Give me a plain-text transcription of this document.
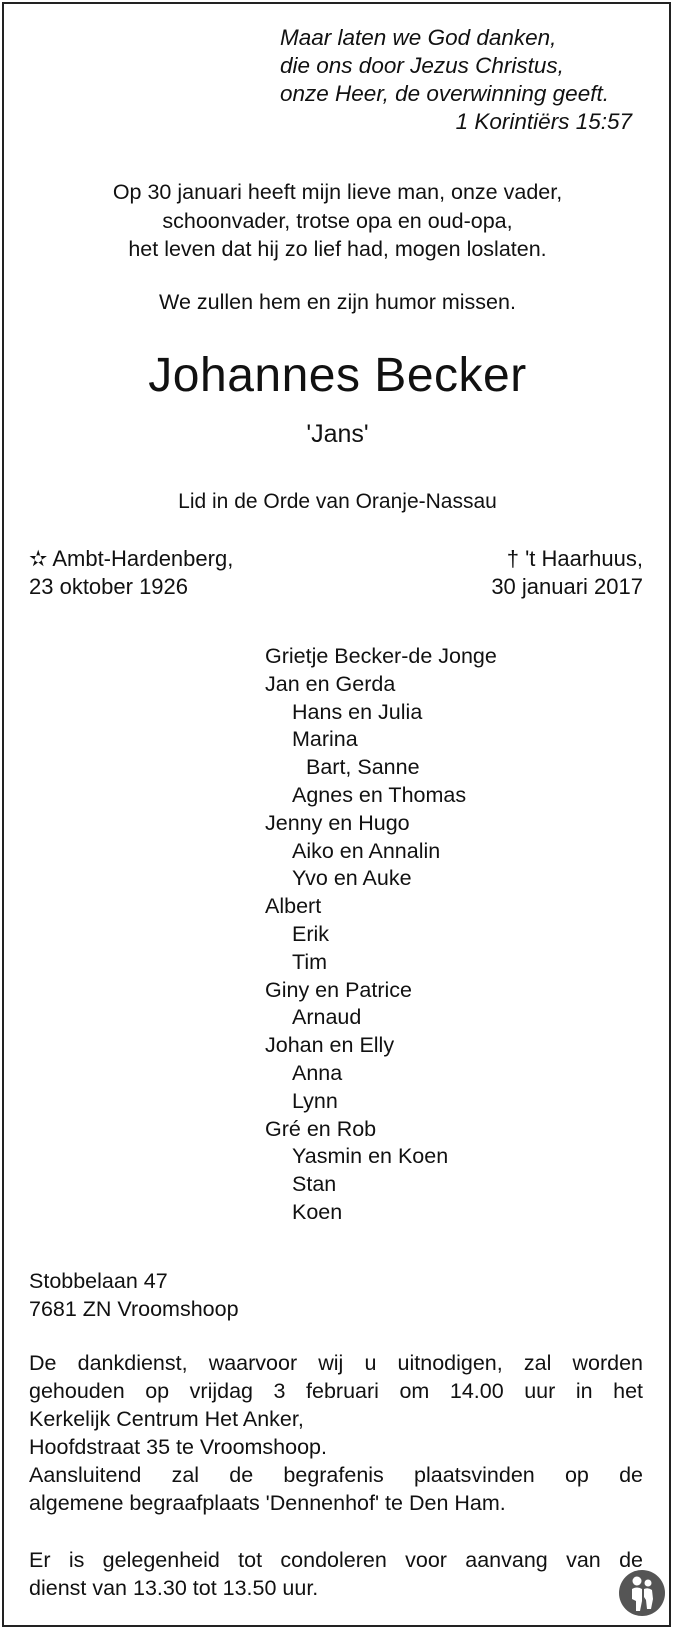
Maar laten we God danken,
die ons door Jezus Christus,
onze Heer, de overwinning geeft.
1 Korintiërs 15:57
Op 30 januari heeft mijn lieve man, onze vader,
schoonvader, trotse opa en oud-opa,
het leven dat hij zo lief had, mogen loslaten.
We zullen hem en zijn humor missen.
Johannes Becker
'Jans'
Lid in de Orde van Oranje-Nassau
✫ Ambt-Hardenberg,
23 oktober 1926
† 't Haarhuus,
30 januari 2017
Grietje Becker-de Jonge
Jan en Gerda
Hans en Julia
Marina
Bart, Sanne
Agnes en Thomas
Jenny en Hugo
Aiko en Annalin
Yvo en Auke
Albert
Erik
Tim
Giny en Patrice
Arnaud
Johan en Elly
Anna
Lynn
Gré en Rob
Yasmin en Koen
Stan
Koen
Stobbelaan 47
7681 ZN Vroomshoop
De dankdienst, waarvoor wij u uitnodigen, zal worden
gehouden op vrijdag 3 februari om 14.00 uur in het
Kerkelijk Centrum Het Anker,
Hoofdstraat 35 te Vroomshoop.
Aansluitend zal de begrafenis plaatsvinden op de
algemene begraafplaats 'Dennenhof' te Den Ham.
Er is gelegenheid tot condoleren voor aanvang van de
dienst van 13.30 tot 13.50 uur.
